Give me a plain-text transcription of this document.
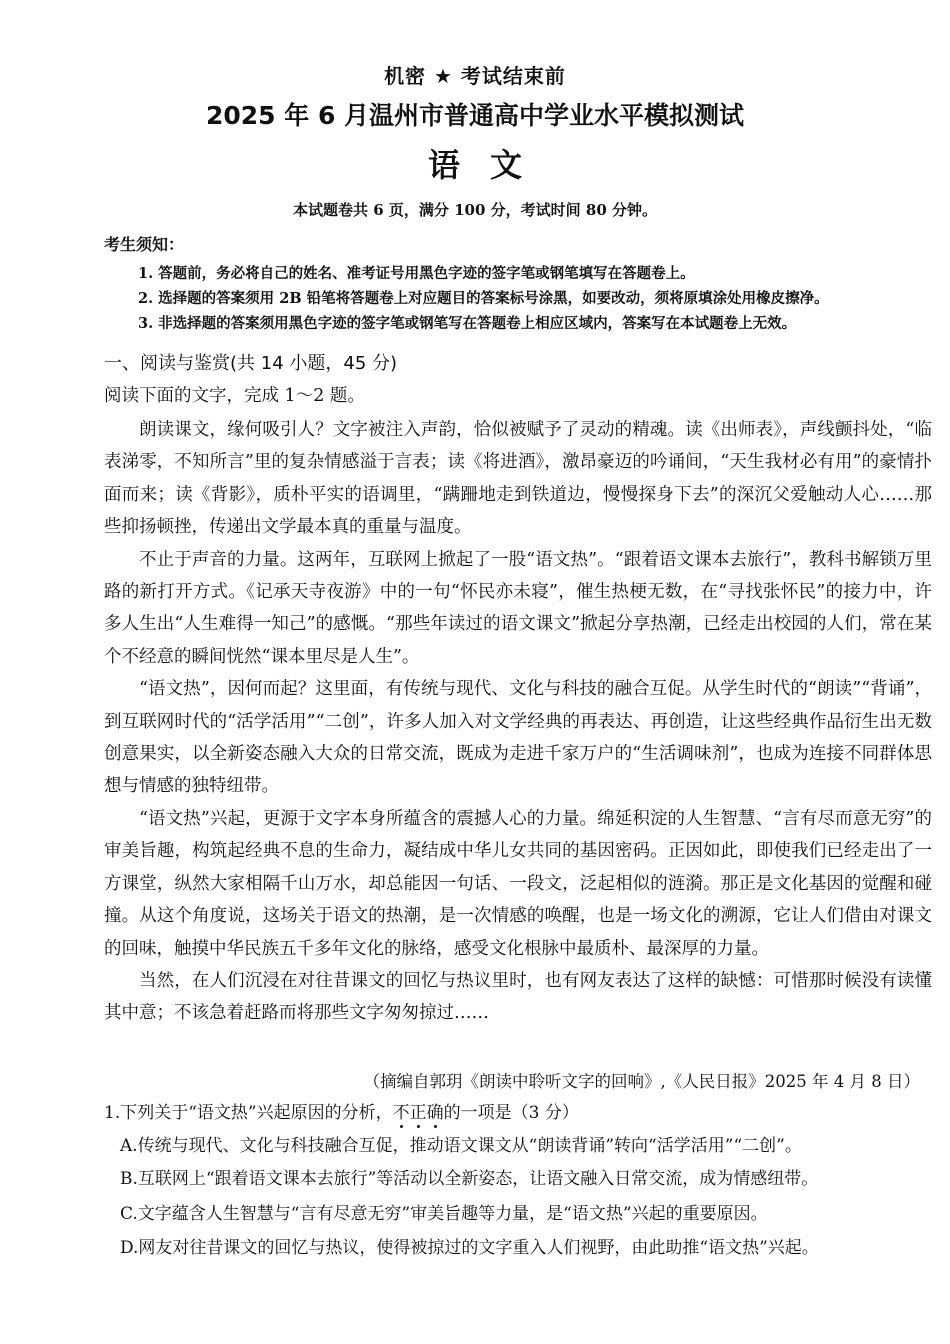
机密 ★ 考试结束前
2025 年 6 月温州市普通高中学业水平模拟测试
语文
本试题卷共 6 页，满分 100 分，考试时间 80 分钟。
考生须知：
1. 答题前，务必将自己的姓名、准考证号用黑色字迹的签字笔或钢笔填写在答题卷上。
2. 选择题的答案须用 2B 铅笔将答题卷上对应题目的答案标号涂黑，如要改动，须将原填涂处用橡皮擦净。
3. 非选择题的答案须用黑色字迹的签字笔或钢笔写在答题卷上相应区域内，答案写在本试题卷上无效。
一、阅读与鉴赏(共 14 小题，45 分)
阅读下面的文字，完成 1～2 题。

朗读课文，缘何吸引人？文字被注入声韵，恰似被赋予了灵动的精魂。读《出师表》，声线颤抖处，“临表涕零，不知所言”里的复杂情感溢于言表；读《将进酒》，激昂豪迈的吟诵间，“天生我材必有用”的豪情扑面而来；读《背影》，质朴平实的语调里，“蹒跚地走到铁道边，慢慢探身下去”的深沉父爱触动人心……那些抑扬顿挫，传递出文学最本真的重量与温度。

不止于声音的力量。这两年，互联网上掀起了一股“语文热”。“跟着语文课本去旅行”，教科书解锁万里路的新打开方式。《记承天寺夜游》中的一句“怀民亦未寝”，催生热梗无数，在“寻找张怀民”的接力中，许多人生出“人生难得一知己”的感慨。“那些年读过的语文课文”掀起分享热潮，已经走出校园的人们，常在某个不经意的瞬间恍然“课本里尽是人生”。

“语文热”，因何而起？这里面，有传统与现代、文化与科技的融合互促。从学生时代的“朗读”“背诵”，到互联网时代的“活学活用”“二创”，许多人加入对文学经典的再表达、再创造，让这些经典作品衍生出无数创意果实，以全新姿态融入大众的日常交流，既成为走进千家万户的“生活调味剂”，也成为连接不同群体思想与情感的独特纽带。

“语文热”兴起，更源于文字本身所蕴含的震撼人心的力量。绵延积淀的人生智慧、“言有尽而意无穷”的审美旨趣，构筑起经典不息的生命力，凝结成中华儿女共同的基因密码。正因如此，即使我们已经走出了一方课堂，纵然大家相隔千山万水，却总能因一句话、一段文，泛起相似的涟漪。那正是文化基因的觉醒和碰撞。从这个角度说，这场关于语文的热潮，是一次情感的唤醒，也是一场文化的溯源，它让人们借由对课文的回味，触摸中华民族五千多年文化的脉络，感受文化根脉中最质朴、最深厚的力量。

当然，在人们沉浸在对往昔课文的回忆与热议里时，也有网友表达了这样的缺憾：可惜那时候没有读懂其中意；不该急着赶路而将那些文字匆匆掠过……

（摘编自郭玥《朗读中聆听文字的回响》,《人民日报》2025 年 4 月 8 日）
1.下列关于“语文热”兴起原因的分析，不正确的一项是（3 分）
A.传统与现代、文化与科技融合互促，推动语文课文从“朗读背诵”转向“活学活用”“二创”。
B.互联网上“跟着语文课本去旅行”等活动以全新姿态，让语文融入日常交流，成为情感纽带。
C.文字蕴含人生智慧与“言有尽意无穷”审美旨趣等力量，是“语文热”兴起的重要原因。
D.网友对往昔课文的回忆与热议，使得被掠过的文字重入人们视野，由此助推“语文热”兴起。
